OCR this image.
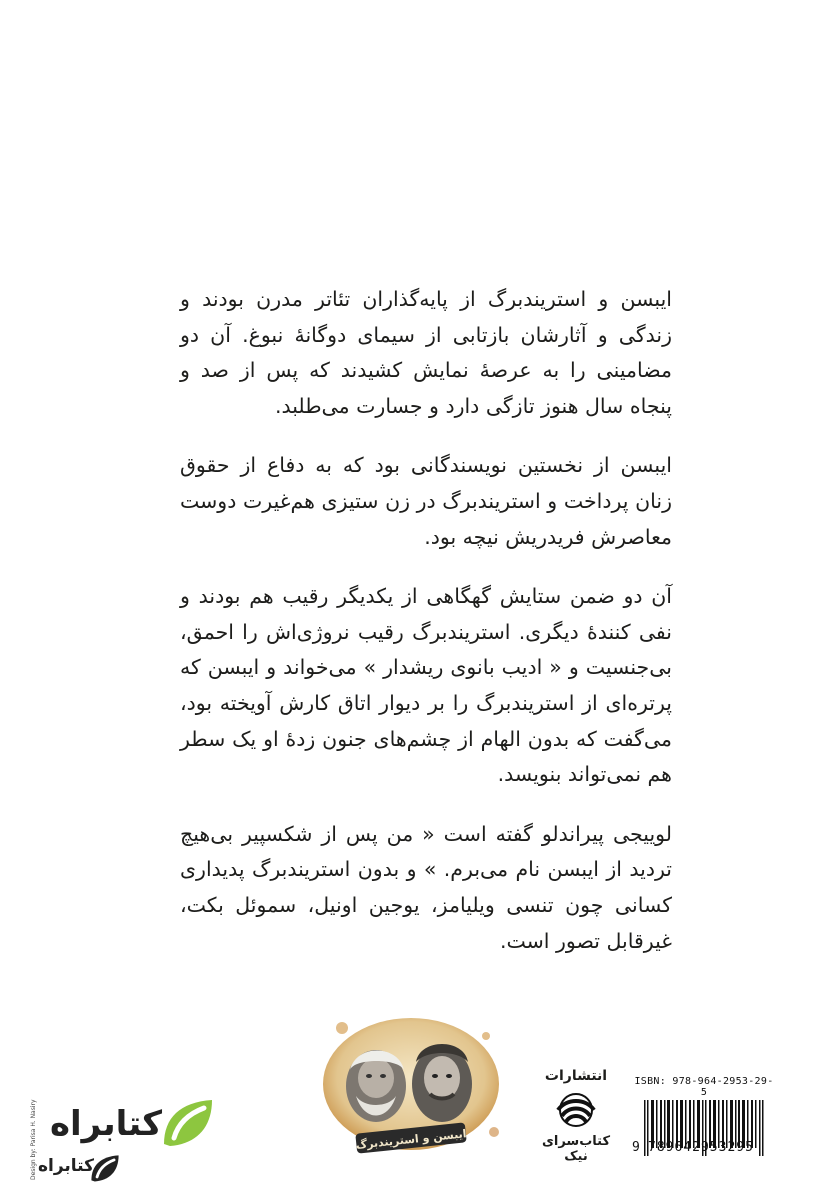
ایبسن و استریندبرگ از پایه‌گذاران تئاتر مدرن بودند و زندگی و آثارشان بازتابی از سیمای دوگانهٔ نبوغ. آن دو مضامینی را به عرصهٔ نمایش کشیدند که پس از صد و پنجاه سال هنوز تازگی دارد و جسارت می‌طلبد.

ایبسن از نخستین نویسندگانی بود که به دفاع از حقوق زنان پرداخت و استریندبرگ در زن ستیزی هم‌غیرت دوست معاصرش فریدریش نیچه بود.

آن دو ضمن ستایش گهگاهی از یکدیگر رقیب هم بودند و نفی کنندهٔ دیگری. استریندبرگ رقیب نروژی‌اش را احمق، بی‌جنسیت و « ادیب بانوی ریشدار » می‌خواند و ایبسن که پرتره‌ای از استریندبرگ را بر دیوار اتاق کارش آویخته بود، می‌گفت که بدون الهام از چشم‌های جنون زدهٔ او یک سطر هم نمی‌تواند بنویسد.

لوییجی پیراندلو گفته است « من پس از شکسپیر بی‌هیچ تردید از ایبسن نام می‌برم. » و بدون استریندبرگ پدیداری کسانی چون تنسی ویلیامز، یوجین اونیل، سموئل بکت، غیرقابل تصور است.

Design by: Parisa H. Nasiry کتابراه
کتابراه
ایبسن و استریندبرگ
انتشارات
کتاب‌سرای نیک
ISBN: 978-964-2953-29-5
9 789642953295
